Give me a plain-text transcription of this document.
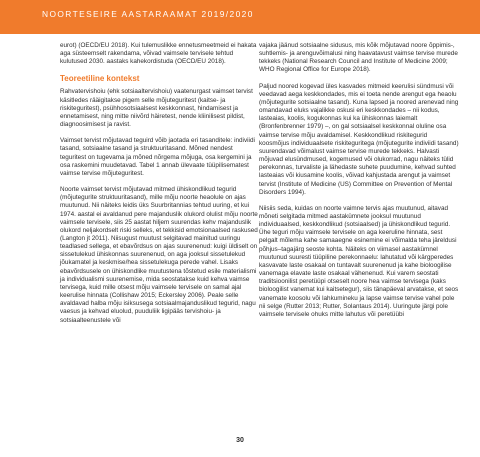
NOORTESEIRE AASTARAAMAT 2019/2020

eurot) (OECD/EU 2018). Kui tulemuslikke ennetusmeetmeid ei hakata aga süsteemselt rakendama, võivad vaimsele tervisele tehtud kulutused 2030. aastaks kahekordistuda (OECD/EU 2018).

Teoreetiline kontekst

Rahvatervishoiu (ehk sotsiaaltervishoiu) vaatenurgast vaimset tervist käsitledes rääigitakse pigem selle mõjuteguritest (kaitse- ja riskiteguritest), psühhosotsiaalsest keskkonnast, hindamisest ja ennetamisest, ning mitte niivõrd häiretest, nende kliinilisest pildist, diagnoosimisest ja ravist.

Vaimset tervist mõjutavad teguird võib jaotada eri tasanditele: indiviidi tasand, sotsiaalne tasand ja struktuuritasand. Mõned nendest teguritest on tugevama ja mõned nõrgema mõjuga, osa kergemini ja osa raskemini muudetavad. Tabel 1 annab ülevaate tüüpilisematest vaimse tervise mõjuteguritest.

Noorte vaimset tervist mõjutavad mitmed ühiskondlikud tegurid (mõjutegurite struktuuritasand), mille mõju noorte heaolule on ajas muutunud. Nii näiteks leidis üks Suurbritannias tehtud uuring, et kui 1974. aastal ei avaldanud pere majanduslik olukord olulist mõju noorte vaimsele tervisele, siis 25 aastat hiljem suurendas kehv majanduslik olukord neljakordselt riski selleks, et tekkisid emotsionaalsed raskused (Langton jt 2011). Niisugust muutust selgitavad mainitud uuringu teadlased sellega, et ebavõrdsus on ajas suurenenud: kuigi üldiselt on sissetulekud ühiskonnas suurenenud, on aga jooksul sissetulekud jõukamatel ja keskmise/hea sissetulekuga perede vahel. Lisaks ebavõrdsusele on ühiskondlike muutustena tõstetud esile materialismi ja individualismi suurenemise, mida seostatakse kuid kehva vaimse tervisega, kuid mille otsest mõju vaimsele tervisele on samal ajal keerulise hinnata (Collishaw 2015; Eckersley 2006). Peale selle avaldavad halba mõju isiksusega sotsiaalmajanduslikud tegurid, nagu vaesus ja kehvad eluolud, puuduliik ligipääs tervishoiu- ja sotsiaalteenustele või

vajaka jäänud sotsiaalne sidusus, mis kõik mõjutavad noore õppimis-, suhtlemis- ja arenguvõimalusi ning haavatavust vaimse tervise murede tekkeks (National Research Council and Institute of Medicine 2009; WHO Regional Office for Europe 2018).

Paljud noored kogevad üles kasvades mitmeid keerulisi sündmusi või veedavad aega keskkondades, mis ei toeta nende arengut ega heaolu (mõjutegurite sotsiaalne tasand). Kuna lapsed ja noored arenevad ning omandavad eluks vajalikke oskusi eri keskkondades – nii kodus, lasteaias, koolis, kogukonnas kui ka ühiskonnas laiemalt (Bronfenbrenner 1979) –, on gal sotsiaalsel keskkonnal oluline osa vaimse tervise mõju avaldamisel. Keskkondlikud riskitegurid koosmõjus individuaalsete riskiteguritega (mõjutegurite indiviidi tasand) suurendavad võimalust vaimse tervise murede tekkeks. Halvasti mõjuvad elusündmused, kogemused või olukorrad, nagu näiteks tülid perekonnas, turvaliste ja lähedaste suhete puudumine, kehvad suhted lasteaias või kiusamine koolis, võivad kahjustada arengut ja vaimset tervist (Institute of Medicine (US) Committee on Prevention of Mental Disorders 1994).

Niisiis seda, kuidas on noorte vaimne tervis ajas muutunud, aitavad mõneti selgitada mitmed aastakümnete jooksul muutunud individuaalsed, keskkondlikud (sotsiaalsed) ja ühiskondlikud tegurid. Ühe teguri mõju vaimsele tervisele on aga keeruline hinnata, sest pelgalt mõlema kahe samaaegne esinemine ei võimalda teha järeldusi põhjus–tagajärg seoste kohta. Näiteks on viimasel aastakümnel muutunud suuresti tüüpiline perekonnaelu: lahutatud või kärgperedes kasvavate laste osakaal on tuntavalt suurenenud ja kahe bioloogilise vanemaga elavate laste osakaal vähenenud. Kui varem seostati traditsioonilist peretüüpi otseselt noore hea vaimse tervisega (kaks bioloogilist vanemat kui kaitsetegur), siis tänapäeval arvatakse, et seos vanemate koosolu või lahkumineku ja lapse vaimse tervise vahel pole nii selge (Rutter 2013; Rutter, Solantaus 2014). Uuringute järgi pole vaimsele tervisele ohuks mitte lahutus või peretüübi

30
